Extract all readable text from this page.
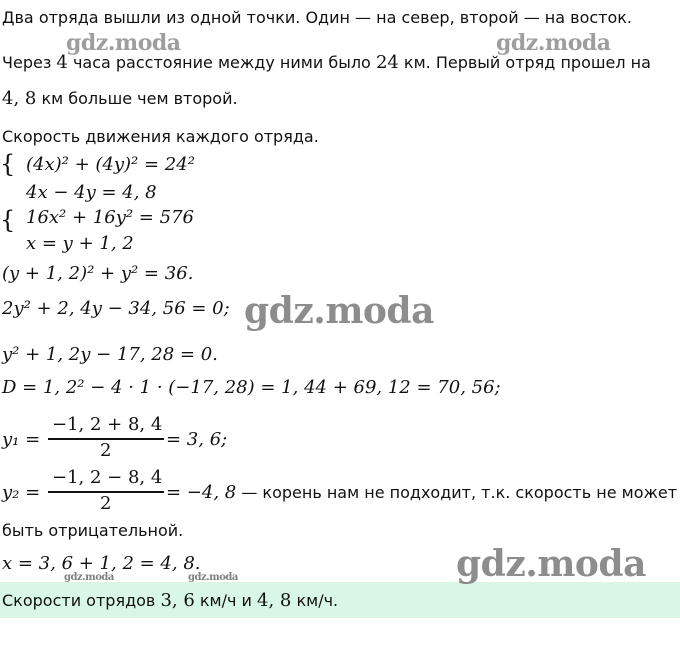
Два отряда вышли из одной точки. Один — на север, второй — на восток.
Через 4 часа расстояние между ними было 24 км. Первый отряд прошел на
4, 8 км больше чем второй.
Скорость движения каждого отряда.
{
{
(4x)² + (4y)² = 24²
4x − 4y = 4, 8
16x² + 16y² = 576
x = y + 1, 2
(y + 1, 2)² + y² = 36.
2y² + 2, 4y − 34, 56 = 0;
y² + 1, 2y − 17, 28 = 0.
D = 1, 2² − 4 · 1 · (−17, 28) = 1, 44 + 69, 12 = 70, 56;
y₁ =
−1, 2 + 8, 4
2
= 3, 6;
y₂ =
−1, 2 − 8, 4
2
= −4, 8 — корень нам не подходит, т.к. скорость не может
быть отрицательной.
x = 3, 6 + 1, 2 = 4, 8.
Скорости отрядов 3, 6 км/ч и 4, 8 км/ч.
gdz.moda	gdz.moda
gdz.moda
gdz.moda
gdz.moda	gdz.moda
